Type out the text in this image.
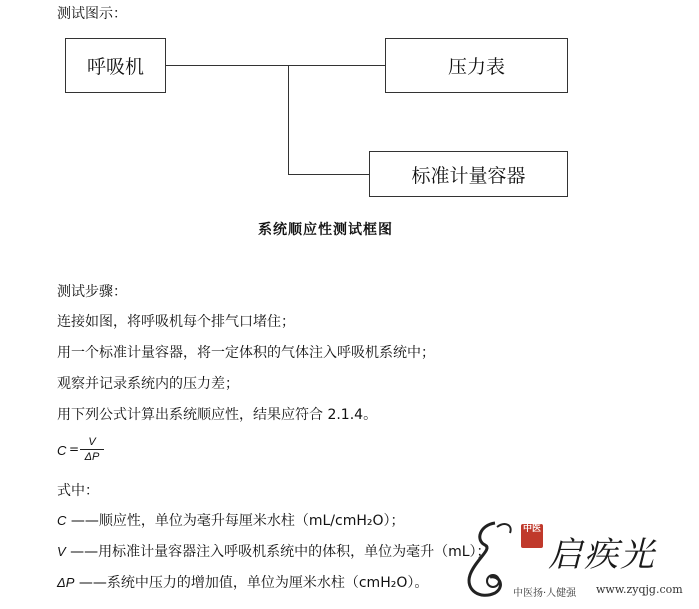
测试图示：
呼吸机	压力表
标准计量容器
系统顺应性测试框图
测试步骤：
连接如图，将呼吸机每个排气口堵住；
用一个标准计量容器，将一定体积的气体注入呼吸机系统中；
观察并记录系统内的压力差；
用下列公式计算出系统顺应性，结果应符合 2.1.4。
C = V
ΔP
式中：
C ——顺应性，单位为毫升每厘米水柱（mL/cmH₂O）；
V ——用标准计量容器注入呼吸机系统中的体积，单位为毫升（mL）；
ΔP ——系统中压力的增加值，单位为厘米水柱（cmH₂O）。
中医
启疾光
中医扬·人健强 www.zyqjg.com
